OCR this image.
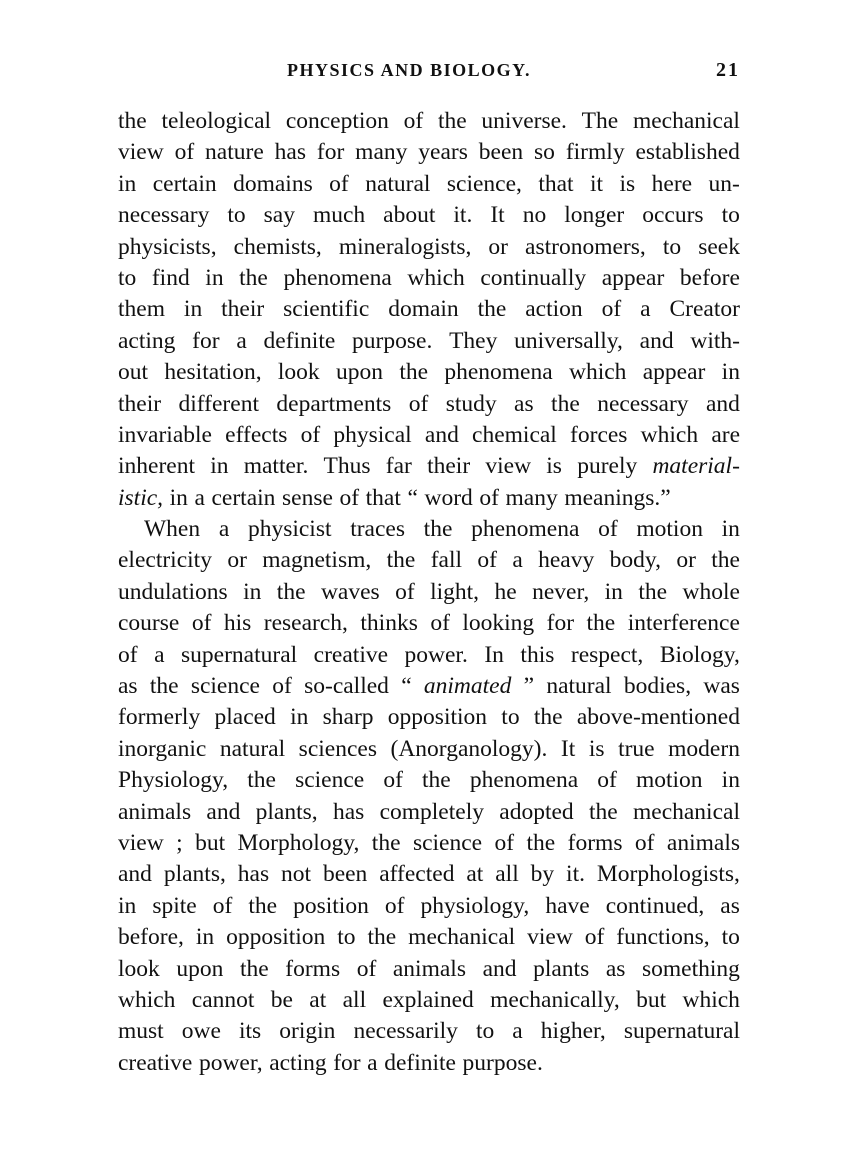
PHYSICS AND BIOLOGY.	21
the teleological conception of the universe. The mechanical
view of nature has for many years been so firmly established
in certain domains of natural science, that it is here un-
necessary to say much about it. It no longer occurs to
physicists, chemists, mineralogists, or astronomers, to seek
to find in the phenomena which continually appear before
them in their scientific domain the action of a Creator
acting for a definite purpose. They universally, and with-
out hesitation, look upon the phenomena which appear in
their different departments of study as the necessary and
invariable effects of physical and chemical forces which are
inherent in matter. Thus far their view is purely material-
istic, in a certain sense of that “ word of many meanings.”
When a physicist traces the phenomena of motion in
electricity or magnetism, the fall of a heavy body, or the
undulations in the waves of light, he never, in the whole
course of his research, thinks of looking for the interference
of a supernatural creative power. In this respect, Biology,
as the science of so-called “ animated ” natural bodies, was
formerly placed in sharp opposition to the above-mentioned
inorganic natural sciences (Anorganology). It is true modern
Physiology, the science of the phenomena of motion in
animals and plants, has completely adopted the mechanical
view ; but Morphology, the science of the forms of animals
and plants, has not been affected at all by it. Morphologists,
in spite of the position of physiology, have continued, as
before, in opposition to the mechanical view of functions, to
look upon the forms of animals and plants as something
which cannot be at all explained mechanically, but which
must owe its origin necessarily to a higher, supernatural
creative power, acting for a definite purpose.
